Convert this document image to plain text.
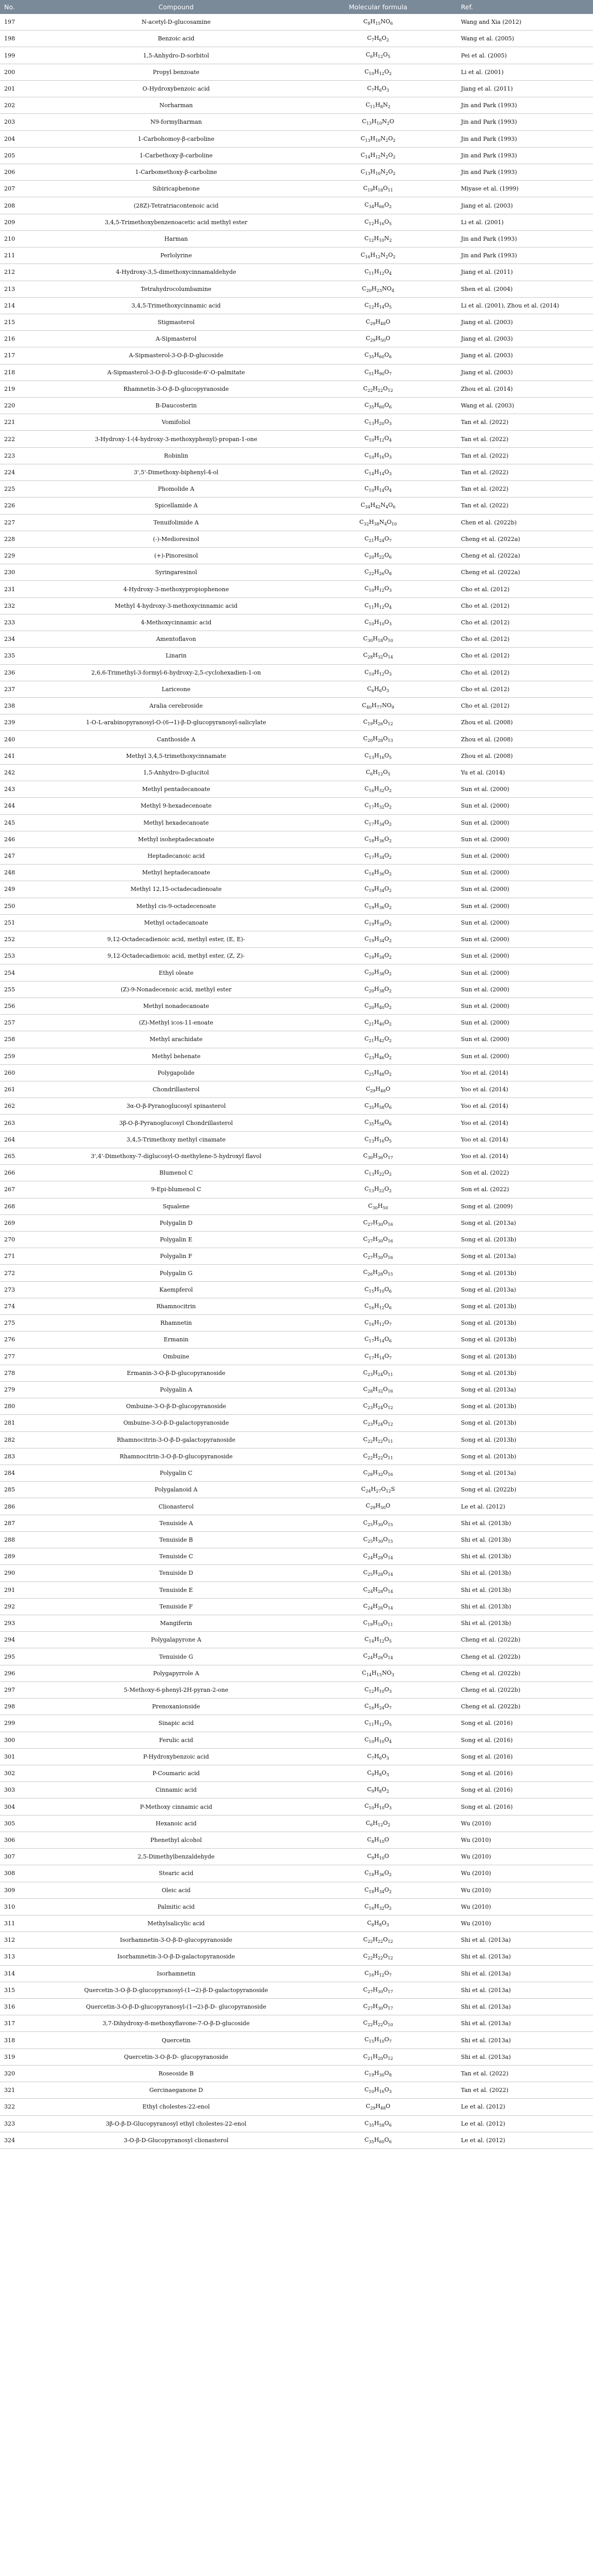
No.	Compound	Molecular formula	Ref.
197	N-acetyl-D-glucosamine	$C_8H_{15}NO_6$	Wang and Xia (2012)
198	Benzoic acid	$C_7H_6O_2$	Wang et al. (2005)
199	1,5-Anhydro-D-sorbitol	$C_6H_{12}O_5$	Pei et al. (2005)
200	Propyl benzoate	$C_{10}H_{12}O_2$	Li et al. (2001)
201	O-Hydroxybenzoic acid	$C_7H_6O_3$	Jiang et al. (2011)
202	Norharman	$C_{11}H_8N_2$	Jin and Park (1993)
203	N9-formylharman	$C_{13}H_{10}N_2O$	Jin and Park (1993)
204	1-Carbohomoy-β-carboline	$C_{13}H_{10}N_2O_2$	Jin and Park (1993)
205	1-Carbethoxy-β-carboline	$C_{14}H_{12}N_2O_2$	Jin and Park (1993)
206	1-Carbomethoxy-β-carboline	$C_{13}H_{10}N_2O_2$	Jin and Park (1993)
207	Sibiricaphenone	$C_{19}H_{18}O_{11}$	Miyase et al. (1999)
208	(28Z)-Tetratriacontenoic acid	$C_{34}H_{66}O_2$	Jiang et al. (2003)
209	3,4,5-Trimethoxybenzenoacetic acid methyl ester	$C_{12}H_{16}O_5$	Li et al. (2001)
210	Harman	$C_{12}H_{10}N_2$	Jin and Park (1993)
211	Perlolyrine	$C_{16}H_{12}N_2O_2$	Jin and Park (1993)
212	4-Hydroxy-3,5-dimethoxycinnamaldehyde	$C_{11}H_{12}O_4$	Jiang et al. (2011)
213	Tetrahydrocolumbamine	$C_{20}H_{23}NO_4$	Shen et al. (2004)
214	3,4,5-Trimethoxycinnamic acid	$C_{12}H_{14}O_5$	Li et al. (2001), Zhou et al. (2014)
215	Stigmasterol	$C_{29}H_{48}O$	Jiang et al. (2003)
216	A-Sipmasterol	$C_{29}H_{50}O$	Jiang et al. (2003)
217	A-Sipmasterol-3-O-β-D-glucoside	$C_{35}H_{60}O_6$	Jiang et al. (2003)
218	A-Sipmasterol-3-O-β-D-glucoside-6'-O-palmitate	$C_{51}H_{90}O_7$	Jiang et al. (2003)
219	Rhamnetin-3-O-β-D-glucopyranoside	$C_{22}H_{22}O_{12}$	Zhou et al. (2014)
220	B-Daucosterin	$C_{35}H_{60}O_6$	Wang et al. (2003)
221	Vomifoliol	$C_{13}H_{20}O_3$	Tan et al. (2022)
222	3-Hydroxy-1-(4-hydroxy-3-methoxyphenyl)-propan-1-one	$C_{10}H_{12}O_4$	Tan et al. (2022)
223	Robinlin	$C_{10}H_{16}O_3$	Tan et al. (2022)
224	3',5'-Dimethoxy-biphenyl-4-ol	$C_{14}H_{14}O_3$	Tan et al. (2022)
225	Phomolide A	$C_{10}H_{14}O_4$	Tan et al. (2022)
226	Spicellamide A	$C_{34}H_{42}N_4O_6$	Tan et al. (2022)
227	Tenuifolimide A	$C_{32}H_{38}N_4O_{10}$	Chen et al. (2022b)
228	(-)-Medioresinol	$C_{21}H_{24}O_7$	Cheng et al. (2022a)
229	(+)-Pinoresinol	$C_{20}H_{22}O_6$	Cheng et al. (2022a)
230	Syringaresinol	$C_{22}H_{26}O_8$	Cheng et al. (2022a)
231	4-Hydroxy-3-methoxypropiophenone	$C_{10}H_{12}O_3$	Cho et al. (2012)
232	Methyl 4-hydroxy-3-methoxycinnamic acid	$C_{11}H_{12}O_4$	Cho et al. (2012)
233	4-Methoxycinnamic acid	$C_{10}H_{10}O_3$	Cho et al. (2012)
234	Amentoflavon	$C_{30}H_{18}O_{10}$	Cho et al. (2012)
235	Linarin	$C_{28}H_{32}O_{14}$	Cho et al. (2012)
236	2,6,6-Trimethyl-3-formyl-6-hydroxy-2,5-cyclohexadien-1-on	$C_{10}H_{12}O_3$	Cho et al. (2012)
237	Lariceone	$C_6H_6O_3$	Cho et al. (2012)
238	Aralia cerebroside	$C_{40}H_{77}NO_9$	Cho et al. (2012)
239	1-O-L-arabinopyranosyl-O-(6→1)-β-D-glucopyranosyl-salicylate	$C_{19}H_{26}O_{12}$	Zhou et al. (2008)
240	Canthoside A	$C_{20}H_{28}O_{13}$	Zhou et al. (2008)
241	Methyl 3,4,5-trimethoxycinnamate	$C_{13}H_{16}O_5$	Zhou et al. (2008)
242	1,5-Anhydro-D-glucitol	$C_6H_{12}O_5$	Yu et al. (2014)
243	Methyl pentadecanoate	$C_{16}H_{32}O_2$	Sun et al. (2000)
244	Methyl 9-hexadecenoate	$C_{17}H_{32}O_2$	Sun et al. (2000)
245	Methyl hexadecanoate	$C_{17}H_{34}O_2$	Sun et al. (2000)
246	Methyl isoheptadecanoate	$C_{18}H_{36}O_2$	Sun et al. (2000)
247	Heptadecanoic acid	$C_{17}H_{34}O_2$	Sun et al. (2000)
248	Methyl heptadecanoate	$C_{18}H_{36}O_2$	Sun et al. (2000)
249	Methyl 12,15-octadecadienoate	$C_{19}H_{34}O_2$	Sun et al. (2000)
250	Methyl cis-9-octadecenoate	$C_{19}H_{36}O_2$	Sun et al. (2000)
251	Methyl octadecanoate	$C_{19}H_{38}O_2$	Sun et al. (2000)
252	9,12-Octadecadienoic acid, methyl ester, (E, E)-	$C_{19}H_{34}O_2$	Sun et al. (2000)
253	9,12-Octadecadienoic acid, methyl ester, (Z, Z)-	$C_{19}H_{34}O_2$	Sun et al. (2000)
254	Ethyl oleate	$C_{20}H_{38}O_2$	Sun et al. (2000)
255	(Z)-9-Nonadecenoic acid, methyl ester	$C_{20}H_{38}O_2$	Sun et al. (2000)
256	Methyl nonadecanoate	$C_{20}H_{40}O_2$	Sun et al. (2000)
257	(Z)-Methyl icos-11-enoate	$C_{21}H_{40}O_2$	Sun et al. (2000)
258	Methyl arachidate	$C_{21}H_{42}O_2$	Sun et al. (2000)
259	Methyl behenate	$C_{23}H_{46}O_2$	Sun et al. (2000)
260	Polygapolide	$C_{25}H_{48}O_2$	Yoo et al. (2014)
261	Chondrillasterol	$C_{29}H_{48}O$	Yoo et al. (2014)
262	3α-O-β-Pyranoglucosyl spinasterol	$C_{35}H_{58}O_6$	Yoo et al. (2014)
263	3β-O-β-Pyranoglucosyl Chondrillasterol	$C_{35}H_{58}O_6$	Yoo et al. (2014)
264	3,4,5-Trimethoxy methyl cinamate	$C_{13}H_{16}O_5$	Yoo et al. (2014)
265	3',4'-Dimethoxy-7-diglucosyl-O-methylene-5-hydroxyl flavol	$C_{30}H_{36}O_{17}$	Yoo et al. (2014)
266	Blumenol C	$C_{13}H_{22}O_2$	Son et al. (2022)
267	9-Epi-blumenol C	$C_{13}H_{22}O_2$	Son et al. (2022)
268	Squalene	$C_{30}H_{50}$	Song et al. (2009)
269	Polygalin D	$C_{27}H_{30}O_{16}$	Song et al. (2013a)
270	Polygalin E	$C_{27}H_{30}O_{16}$	Song et al. (2013b)
271	Polygalin F	$C_{27}H_{30}O_{16}$	Song et al. (2013a)
272	Polygalin G	$C_{26}H_{28}O_{15}$	Song et al. (2013b)
273	Kaempferol	$C_{15}H_{10}O_6$	Song et al. (2013a)
274	Rhamnocitrin	$C_{16}H_{12}O_6$	Song et al. (2013b)
275	Rhamnetin	$C_{16}H_{12}O_7$	Song et al. (2013b)
276	Ermanin	$C_{17}H_{14}O_6$	Song et al. (2013b)
277	Ombuine	$C_{17}H_{14}O_7$	Song et al. (2013b)
278	Ermanin-3-O-β-D-glucopyranoside	$C_{23}H_{24}O_{11}$	Song et al. (2013b)
279	Polygalin A	$C_{28}H_{32}O_{16}$	Song et al. (2013a)
280	Ombuine-3-O-β-D-glucopyranoside	$C_{23}H_{24}O_{12}$	Song et al. (2013b)
281	Ombuine-3-O-β-D-galactopyranoside	$C_{23}H_{24}O_{12}$	Song et al. (2013b)
282	Rhamnocitrin-3-O-β-D-galactopyranoside	$C_{22}H_{22}O_{11}$	Song et al. (2013b)
283	Rhamnocitrin-3-O-β-D-glucopyranoside	$C_{22}H_{22}O_{11}$	Song et al. (2013b)
284	Polygalin C	$C_{28}H_{32}O_{16}$	Song et al. (2013a)
285	Polygalanoid A	$C_{24}H_{27}O_{12}S$	Song et al. (2022b)
286	Clionasterol	$C_{29}H_{50}O$	Le et al. (2012)
287	Tenuiside A	$C_{25}H_{30}O_{15}$	Shi et al. (2013b)
288	Tenuiside B	$C_{25}H_{30}O_{15}$	Shi et al. (2013b)
289	Tenuiside C	$C_{24}H_{28}O_{14}$	Shi et al. (2013b)
290	Tenuiside D	$C_{25}H_{28}O_{14}$	Shi et al. (2013b)
291	Tenuiside E	$C_{24}H_{28}O_{14}$	Shi et al. (2013b)
292	Tenuiside F	$C_{24}H_{26}O_{14}$	Shi et al. (2013b)
293	Mangiferin	$C_{19}H_{18}O_{11}$	Shi et al. (2013b)
294	Polygalapyrone A	$C_{14}H_{12}O_5$	Cheng et al. (2022b)
295	Tenuiside G	$C_{24}H_{26}O_{14}$	Cheng et al. (2022b)
296	Polygapyrrole A	$C_{14}H_{15}NO_3$	Cheng et al. (2022b)
297	5-Methoxy-6-phenyl-2H-pyran-2-one	$C_{12}H_{10}O_3$	Cheng et al. (2022b)
298	Prenoxanionside	$C_{16}H_{24}O_7$	Cheng et al. (2022b)
299	Sinapic acid	$C_{11}H_{12}O_5$	Song et al. (2016)
300	Ferulic acid	$C_{10}H_{10}O_4$	Song et al. (2016)
301	P-Hydroxybenzoic acid	$C_7H_6O_3$	Song et al. (2016)
302	P-Coumaric acid	$C_9H_8O_3$	Song et al. (2016)
303	Cinnamic acid	$C_9H_8O_2$	Song et al. (2016)
304	P-Methoxy cinnamic acid	$C_{10}H_{10}O_3$	Song et al. (2016)
305	Hexanoic acid	$C_6H_{12}O_2$	Wu (2010)
306	Phenethyl alcohol	$C_8H_{10}O$	Wu (2010)
307	2,5-Dimethylbenzaldehyde	$C_9H_{10}O$	Wu (2010)
308	Stearic acid	$C_{18}H_{36}O_2$	Wu (2010)
309	Oleic acid	$C_{18}H_{34}O_2$	Wu (2010)
310	Palmitic acid	$C_{16}H_{32}O_2$	Wu (2010)
311	Methylsalicylic acid	$C_8H_8O_3$	Wu (2010)
312	Isorhamnetin-3-O-β-D-glucopyranoside	$C_{22}H_{22}O_{12}$	Shi et al. (2013a)
313	Isorhamnetin-3-O-β-D-galactopyranoside	$C_{22}H_{22}O_{12}$	Shi et al. (2013a)
314	Isorhamnetin	$C_{16}H_{12}O_7$	Shi et al. (2013a)
315	Quercetin-3-O-β-D-glucopyranosyl-(1→2)-β-D-galactopyranoside	$C_{27}H_{30}O_{17}$	Shi et al. (2013a)
316	Quercetin-3-O-β-D-glucopyranosyl-(1→2)-β-D- glucopyranoside	$C_{27}H_{30}O_{17}$	Shi et al. (2013a)
317	3,7-Dihydroxy-8-methoxyflavone-7-O-β-D-glucoside	$C_{22}H_{22}O_{10}$	Shi et al. (2013a)
318	Quercetin	$C_{15}H_{10}O_7$	Shi et al. (2013a)
319	Quercetin-3-O-β-D- glucopyranoside	$C_{21}H_{20}O_{12}$	Shi et al. (2013a)
320	Roseoside B	$C_{19}H_{30}O_8$	Tan et al. (2022)
321	Gercinaeganone D	$C_{10}H_{16}O_3$	Tan et al. (2022)
322	Ethyl cholestes-22-enol	$C_{29}H_{48}O$	Le et al. (2012)
323	3β-O-β-D-Glucopyranosyl ethyl cholestes-22-enol	$C_{35}H_{58}O_6$	Le et al. (2012)
324	3-O-β-D-Glucopyranosyl clionasterol	$C_{35}H_{60}O_6$	Le et al. (2012)
